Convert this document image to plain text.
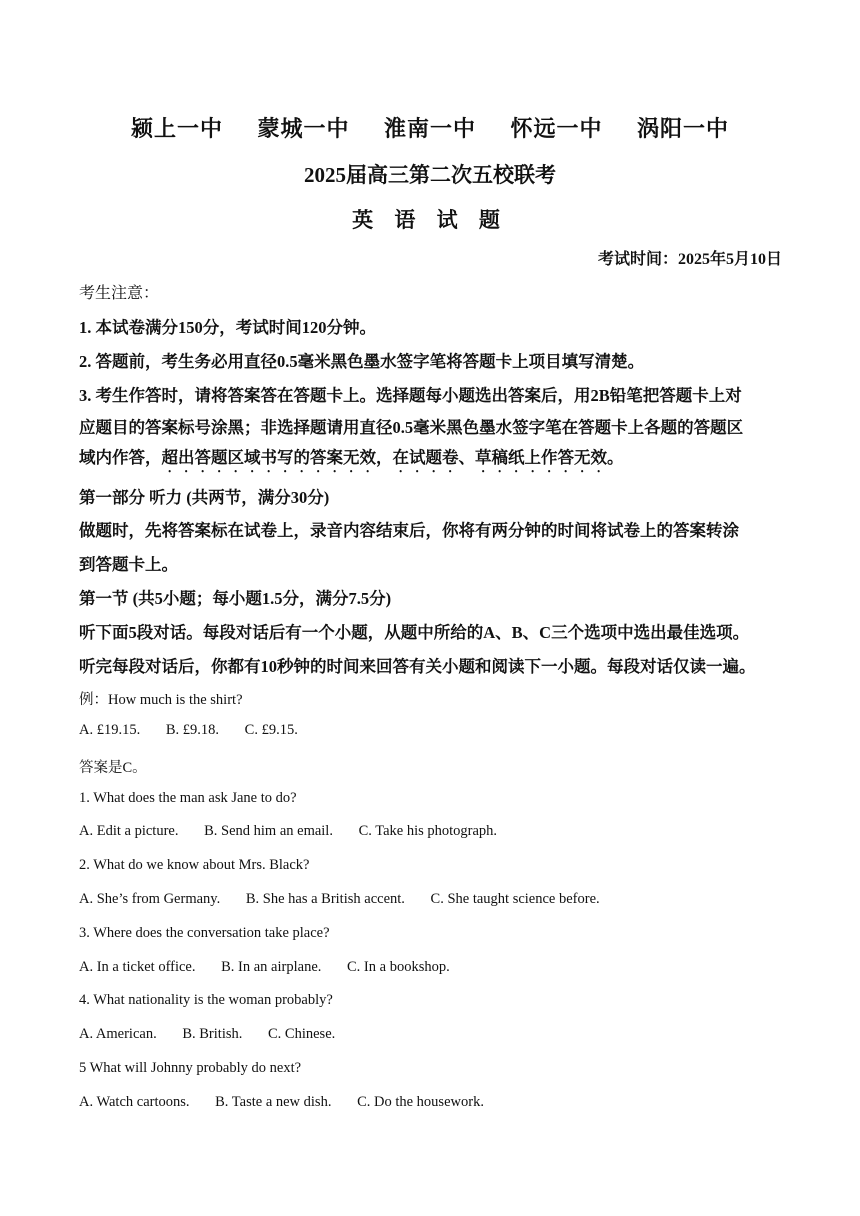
颍上一中 蒙城一中 淮南一中 怀远一中 涡阳一中
2025届高三第二次五校联考
英 语 试 题
考试时间：2025年5月10日
考生注意：
1. 本试卷满分150分，考试时间120分钟。
2. 答题前，考生务必用直径0.5毫米黑色墨水签字笔将答题卡上项目填写清楚。
3. 考生作答时，请将答案答在答题卡上。选择题每小题选出答案后，用2B铅笔把答题卡上对
应题目的答案标号涂黑；非选择题请用直径0.5毫米黑色墨水签字笔在答题卡上各题的答题区
域内作答，超出答题区域书写的答案无效，在试题卷、草稿纸上作答无效。
第一部分 听力 (共两节，满分30分)
做题时，先将答案标在试卷上，录音内容结束后，你将有两分钟的时间将试卷上的答案转涂
到答题卡上。
第一节 (共5小题；每小题1.5分，满分7.5分)
听下面5段对话。每段对话后有一个小题，从题中所给的A、B、C三个选项中选出最佳选项。
听完每段对话后，你都有10秒钟的时间来回答有关小题和阅读下一小题。每段对话仅读一遍。
例：How much is the shirt?
A. £19.15. B. £9.18. C. £9.15.
答案是C。
1. What does the man ask Jane to do?
A. Edit a picture. B. Send him an email. C. Take his photograph.
2. What do we know about Mrs. Black?
A. She’s from Germany. B. She has a British accent. C. She taught science before.
3. Where does the conversation take place?
A. In a ticket office. B. In an airplane. C. In a bookshop.
4. What nationality is the woman probably?
A. American. B. British. C. Chinese.
5 What will Johnny probably do next?
A. Watch cartoons. B. Taste a new dish. C. Do the housework.
